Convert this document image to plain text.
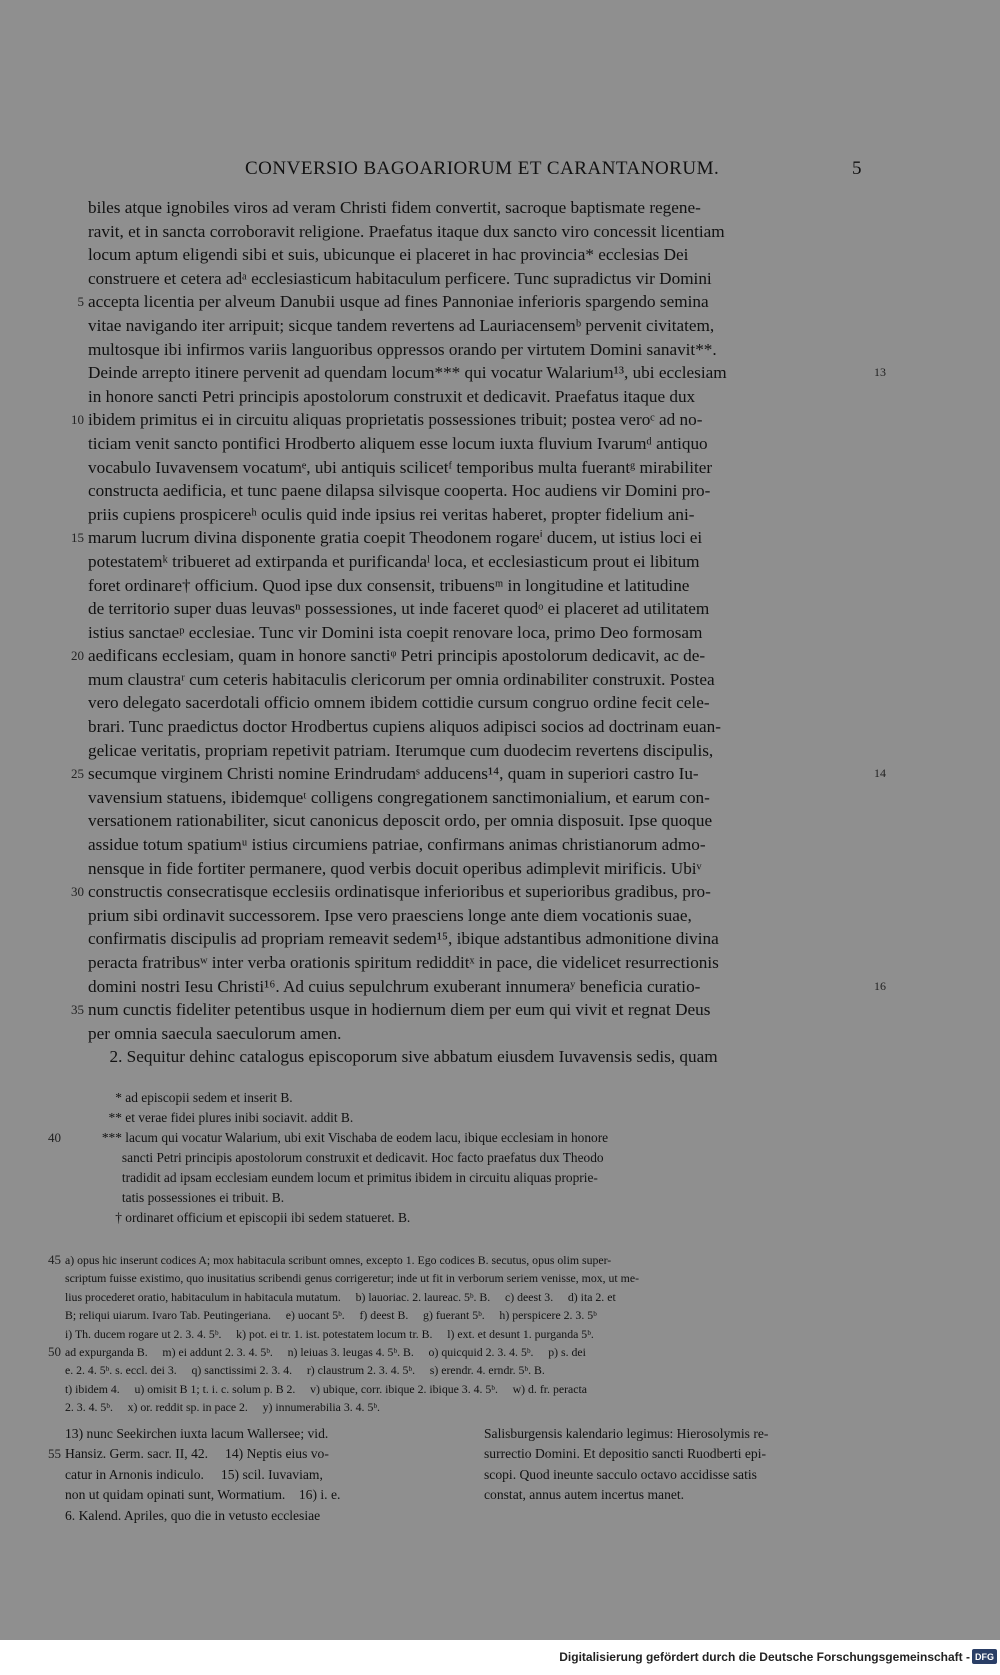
CONVERSIO BAGOARIORUM ET CARANTANORUM.	5
biles atque ignobiles viros ad veram Christi fidem convertit, sacroque baptismate regene-
ravit, et in sancta corroboravit religione. Praefatus itaque dux sancto viro concessit licentiam
locum aptum eligendi sibi et suis, ubicunque ei placeret in hac provincia* ecclesias Dei
construere et cetera adᵃ ecclesiasticum habitaculum perficere. Tunc supradictus vir Domini
5 accepta licentia per alveum Danubii usque ad fines Pannoniae inferioris spargendo semina
vitae navigando iter arripuit; sicque tandem revertens ad Lauriacensemᵇ pervenit civitatem,
multosque ibi infirmos variis languoribus oppressos orando per virtutem Domini sanavit**.
Deinde arrepto itinere pervenit ad quendam locum*** qui vocatur Walarium¹³, ubi ecclesiam	13
in honore sancti Petri principis apostolorum construxit et dedicavit. Praefatus itaque dux
10 ibidem primitus ei in circuitu aliquas proprietatis possessiones tribuit; postea veroᶜ ad no-
ticiam venit sancto pontifici Hrodberto aliquem esse locum iuxta fluvium Ivarumᵈ antiquo
vocabulo Iuvavensem vocatumᵉ, ubi antiquis scilicetᶠ temporibus multa fuerantᵍ mirabiliter
constructa aedificia, et tunc paene dilapsa silvisque cooperta. Hoc audiens vir Domini pro-
priis cupiens prospicereʰ oculis quid inde ipsius rei veritas haberet, propter fidelium ani-
15 marum lucrum divina disponente gratia coepit Theodonem rogareⁱ ducem, ut istius loci ei
potestatemᵏ tribueret ad extirpanda et purificandaˡ loca, et ecclesiasticum prout ei libitum
foret ordinare† officium. Quod ipse dux consensit, tribuensᵐ in longitudine et latitudine
de territorio super duas leuvasⁿ possessiones, ut inde faceret quodᵒ ei placeret ad utilitatem
istius sanctaeᵖ ecclesiae. Tunc vir Domini ista coepit renovare loca, primo Deo formosam
20 aedificans ecclesiam, quam in honore sanctiᵠ Petri principis apostolorum dedicavit, ac de-
mum claustraʳ cum ceteris habitaculis clericorum per omnia ordinabiliter construxit. Postea
vero delegato sacerdotali officio omnem ibidem cottidie cursum congruo ordine fecit cele-
brari. Tunc praedictus doctor Hrodbertus cupiens aliquos adipisci socios ad doctrinam euan-
gelicae veritatis, propriam repetivit patriam. Iterumque cum duodecim revertens discipulis,
25 secumque virginem Christi nomine Erindrudamˢ adducens¹⁴, quam in superiori castro Iu-	14
vavensium statuens, ibidemqueᵗ colligens congregationem sanctimonialium, et earum con-
versationem rationabiliter, sicut canonicus deposcit ordo, per omnia disposuit. Ipse quoque
assidue totum spatiumᵘ istius circumiens patriae, confirmans animas christianorum admo-
nensque in fide fortiter permanere, quod verbis docuit operibus adimplevit mirificis. Ubiᵛ
30 constructis consecratisque ecclesiis ordinatisque inferioribus et superioribus gradibus, pro-
prium sibi ordinavit successorem. Ipse vero praesciens longe ante diem vocationis suae,
confirmatis discipulis ad propriam remeavit sedem¹⁵, ibique adstantibus admonitione divina
peracta fratribusʷ inter verba orationis spiritum redidditˣ in pace, die videlicet resurrectionis
domini nostri Iesu Christi¹⁶. Ad cuius sepulchrum exuberant innumeraʸ beneficia curatio-	16
35 num cunctis fideliter petentibus usque in hodiernum diem per eum qui vivit et regnat Deus
per omnia saecula saeculorum amen.
2. Sequitur dehinc catalogus episcoporum sive abbatum eiusdem Iuvavensis sedis, quam
* ad episcopii sedem et inserit B.
** et verae fidei plures inibi sociavit. addit B.
40 *** lacum qui vocatur Walarium, ubi exit Vischaba de eodem lacu, ibique ecclesiam in honore
sancti Petri principis apostolorum construxit et dedicavit. Hoc facto praefatus dux Theodo
tradidit ad ipsam ecclesiam eundem locum et primitus ibidem in circuitu aliquas proprie-
tatis possessiones ei tribuit. B.
† ordinaret officium et episcopii ibi sedem statueret. B.
45 a) opus hic inserunt codices A; mox habitacula scribunt omnes, excepto 1. Ego codices B. secutus, opus olim super-
scriptum fuisse existimo, quo inusitatius scribendi genus corrigeretur; inde ut fit in verborum seriem venisse, mox, ut me-
lius procederet oratio, habitaculum in habitacula mutatum.     b) lauoriac. 2. laureac. 5ᵇ. B.     c) deest 3.     d) ita 2. et
B; reliqui uiarum. Ivaro Tab. Peutingeriana.     e) uocant 5ᵇ.     f) deest B.     g) fuerant 5ᵇ.     h) perspicere 2. 3. 5ᵇ
i) Th. ducem rogare ut 2. 3. 4. 5ᵇ.     k) pot. ei tr. 1. ist. potestatem locum tr. B.     l) ext. et desunt 1. purganda 5ᵇ.
50 ad expurganda B.     m) ei addunt 2. 3. 4. 5ᵇ.     n) leiuas 3. leugas 4. 5ᵇ. B.     o) quicquid 2. 3. 4. 5ᵇ.     p) s. dei
e. 2. 4. 5ᵇ. s. eccl. dei 3.     q) sanctissimi 2. 3. 4.     r) claustrum 2. 3. 4. 5ᵇ.     s) erendr. 4. erndr. 5ᵇ. B.
t) ibidem 4.     u) omisit B 1; t. i. c. solum p. B 2.     v) ubique, corr. ibique 2. ibique 3. 4. 5ᵇ.     w) d. fr. peracta
2. 3. 4. 5ᵇ.     x) or. reddit sp. in pace 2.     y) innumerabilia 3. 4. 5ᵇ.
13) nunc Seekirchen iuxta lacum Wallersee; vid.
55 Hansiz. Germ. sacr. II, 42.     14) Neptis eius vo-
catur in Arnonis indiculo.     15) scil. Iuvaviam,
non ut quidam opinati sunt, Wormatium.    16) i. e.
6. Kalend. Apriles, quo die in vetusto ecclesiae
Salisburgensis kalendario legimus: Hierosolymis re-
surrectio Domini. Et depositio sancti Ruodberti epi-
scopi. Quod ineunte sacculo octavo accidisse satis
constat, annus autem incertus manet.
Digitalisierung gefördert durch die Deutsche Forschungsgemeinschaft - DFG
